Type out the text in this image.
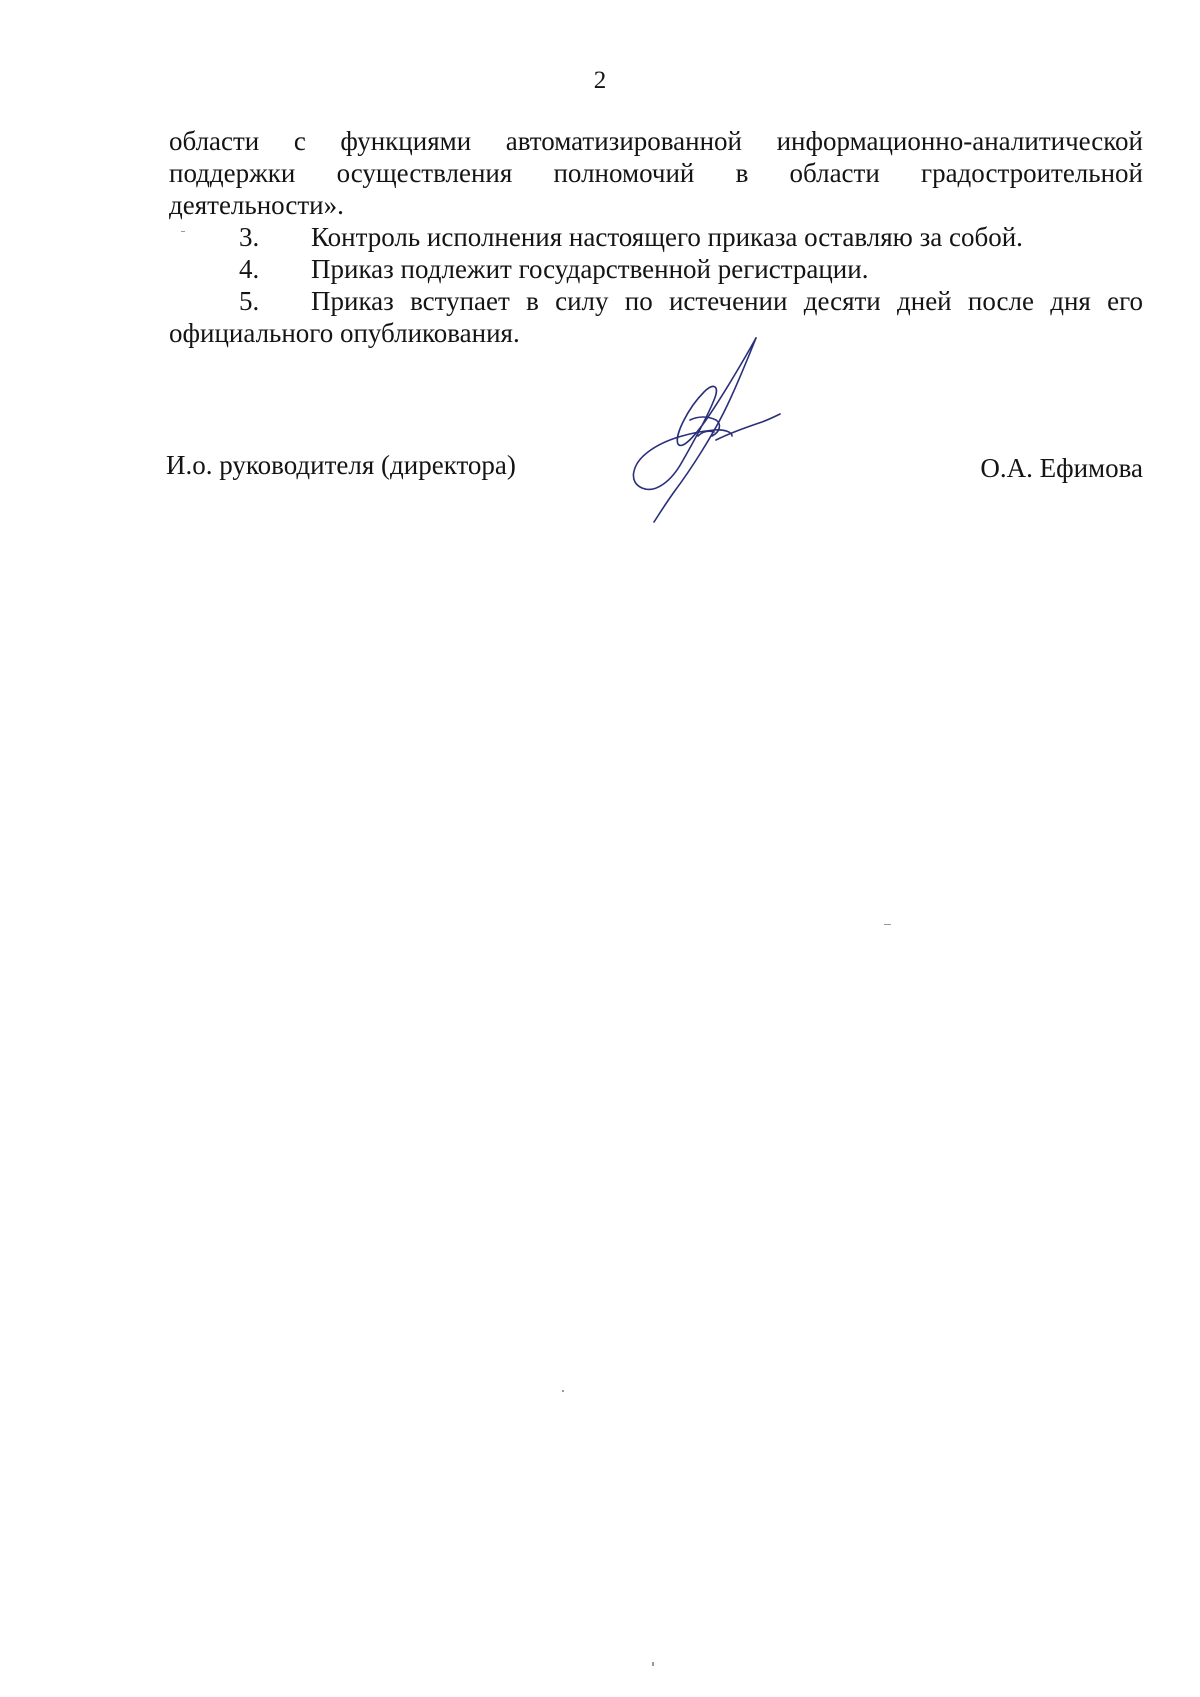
2
области с функциями автоматизированной информационно-аналитической
поддержки осуществления полномочий в области градостроительной
деятельности».
3. Контроль исполнения настоящего приказа оставляю за собой.
4. Приказ подлежит государственной регистрации.
5. Приказ вступает в силу по истечении десяти дней после дня его
официального опубликования.
И.о. руководителя (директора)	О.А. Ефимова
